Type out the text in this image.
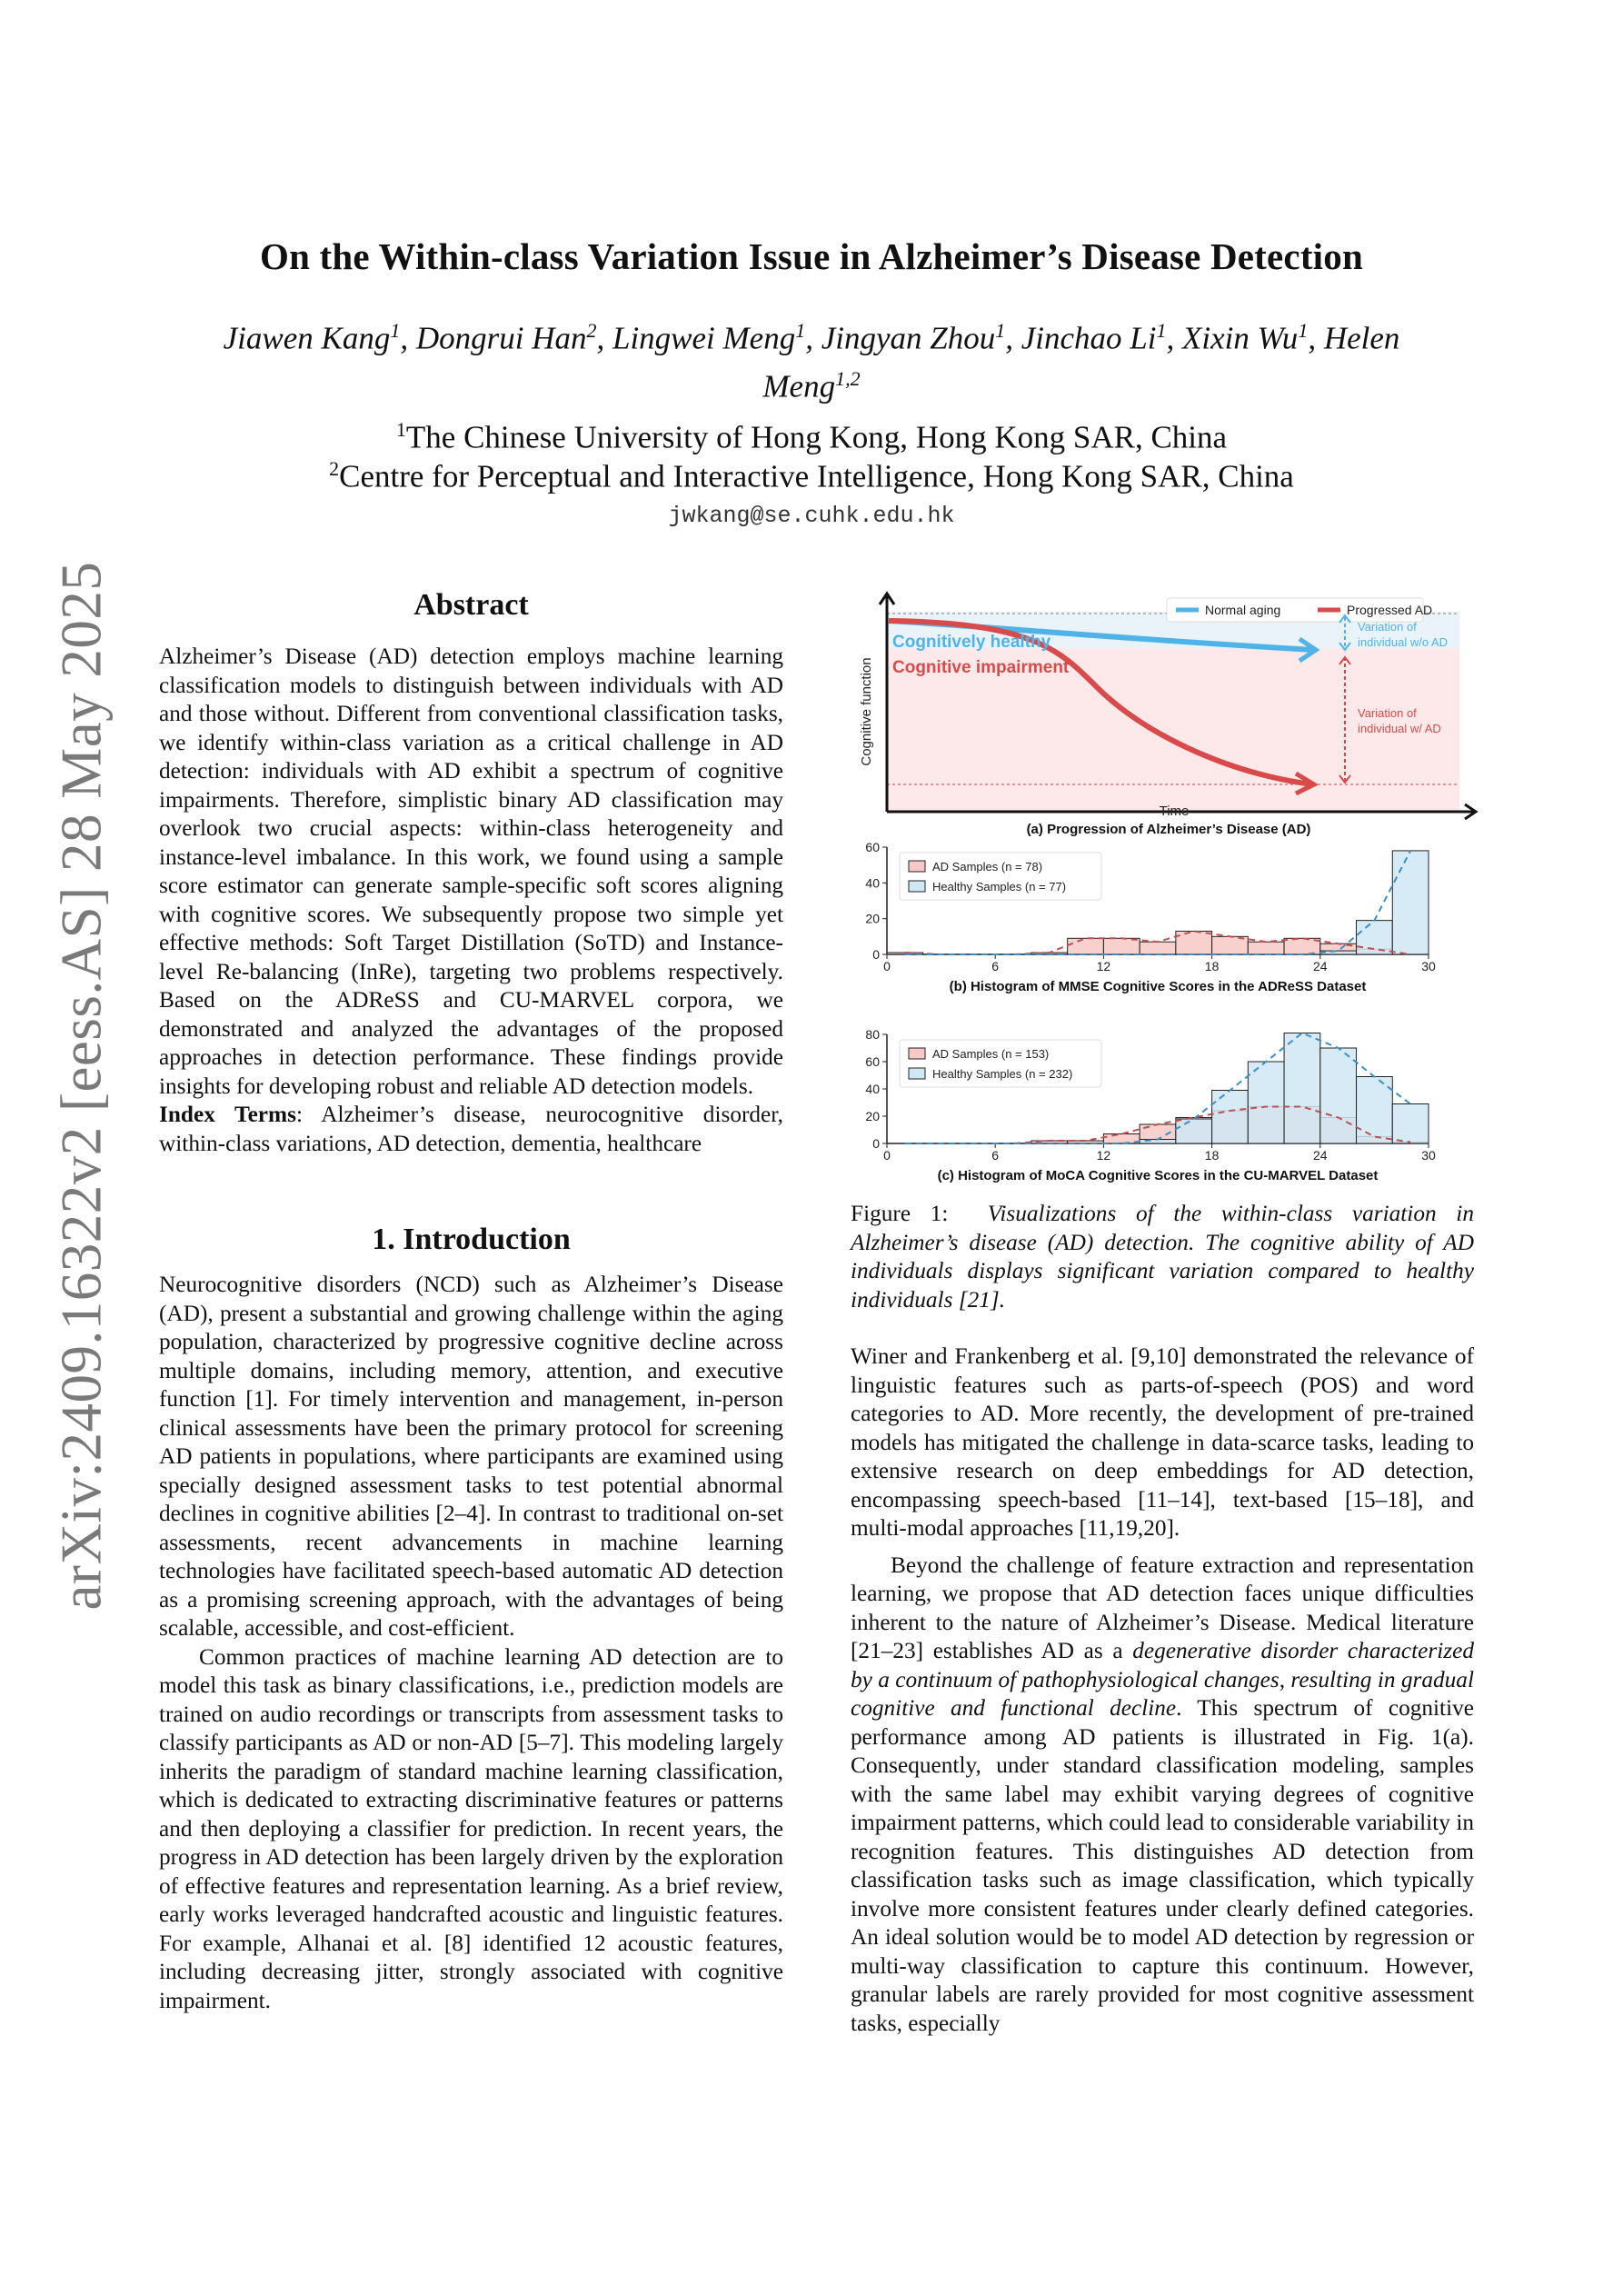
arXiv:2409.16322v2 [eess.AS] 28 May 2025
On the Within-class Variation Issue in Alzheimer’s Disease Detection
Jiawen Kang$^1$, Dongrui Han$^2$, Lingwei Meng$^1$, Jingyan Zhou$^1$, Jinchao Li$^1$, Xixin Wu$^1$, Helen
Meng$^{1,2}$
$^1$The Chinese University of Hong Kong, Hong Kong SAR, China
$^2$Centre for Perceptual and Interactive Intelligence, Hong Kong SAR, China
jwkang@se.cuhk.edu.hk
Abstract

Alzheimer’s Disease (AD) detection employs machine learning classification models to distinguish between individuals with AD and those without. Different from conventional classification tasks, we identify within-class variation as a critical challenge in AD detection: individuals with AD exhibit a spectrum of cognitive impairments. Therefore, simplistic binary AD classification may overlook two crucial aspects: within-class heterogeneity and instance-level imbalance. In this work, we found using a sample score estimator can generate sample-specific soft scores aligning with cognitive scores. We subsequently propose two simple yet effective methods: Soft Target Distillation (SoTD) and Instance-level Re-balancing (InRe), targeting two problems respectively. Based on the ADReSS and CU-MARVEL corpora, we demonstrated and analyzed the advantages of the proposed approaches in detection performance. These findings provide insights for developing robust and reliable AD detection models.

Index Terms: Alzheimer’s disease, neurocognitive disorder, within-class variations, AD detection, dementia, healthcare

1. Introduction

Neurocognitive disorders (NCD) such as Alzheimer’s Disease (AD), present a substantial and growing challenge within the aging population, characterized by progressive cognitive decline across multiple domains, including memory, attention, and executive function [1]. For timely intervention and management, in-person clinical assessments have been the primary protocol for screening AD patients in populations, where participants are examined using specially designed assessment tasks to test potential abnormal declines in cognitive abilities [2–4]. In contrast to traditional on-set assessments, recent advancements in machine learning technologies have facilitated speech-based automatic AD detection as a promising screening approach, with the advantages of being scalable, accessible, and cost-efficient.

Common practices of machine learning AD detection are to model this task as binary classifications, i.e., prediction models are trained on audio recordings or transcripts from assessment tasks to classify participants as AD or non-AD [5–7]. This modeling largely inherits the paradigm of standard machine learning classification, which is dedicated to extracting discriminative features or patterns and then deploying a classifier for prediction. In recent years, the progress in AD detection has been largely driven by the exploration of effective features and representation learning. As a brief review, early works leveraged handcrafted acoustic and linguistic features. For example, Alhanai et al. [8] identified 12 acoustic features, including decreasing jitter, strongly associated with cognitive impairment.

Normal aging	Progressed AD
Cognitively healthy
Cognitive impairment
Cognitive function
Time
Variation of
individual w/o AD
Variation of
individual w/ AD
(a) Progression of Alzheimer’s Disease (AD)
0
20
40
60
0	6	12	18	24	30
AD Samples (n = 78)
Healthy Samples (n = 77)
(b) Histogram of MMSE Cognitive Scores in the ADReSS Dataset
0
20
40
60
80
0	6	12	18	24	30
AD Samples (n = 153)
Healthy Samples (n = 232)
(c) Histogram of MoCA Cognitive Scores in the CU-MARVEL Dataset
Figure 1: Visualizations of the within-class variation in Alzheimer’s disease (AD) detection. The cognitive ability of AD individuals displays significant variation compared to healthy individuals [21].

Winer and Frankenberg et al. [9,10] demonstrated the relevance of linguistic features such as parts-of-speech (POS) and word categories to AD. More recently, the development of pre-trained models has mitigated the challenge in data-scarce tasks, leading to extensive research on deep embeddings for AD detection, encompassing speech-based [11–14], text-based [15–18], and multi-modal approaches [11,19,20].

Beyond the challenge of feature extraction and representation learning, we propose that AD detection faces unique difficulties inherent to the nature of Alzheimer’s Disease. Medical literature [21–23] establishes AD as a degenerative disorder characterized by a continuum of pathophysiological changes, resulting in gradual cognitive and functional decline. This spectrum of cognitive performance among AD patients is illustrated in Fig. 1(a). Consequently, under standard classification modeling, samples with the same label may exhibit varying degrees of cognitive impairment patterns, which could lead to considerable variability in recognition features. This distinguishes AD detection from classification tasks such as image classification, which typically involve more consistent features under clearly defined categories. An ideal solution would be to model AD detection by regression or multi-way classification to capture this continuum. However, granular labels are rarely provided for most cognitive assessment tasks, especially
